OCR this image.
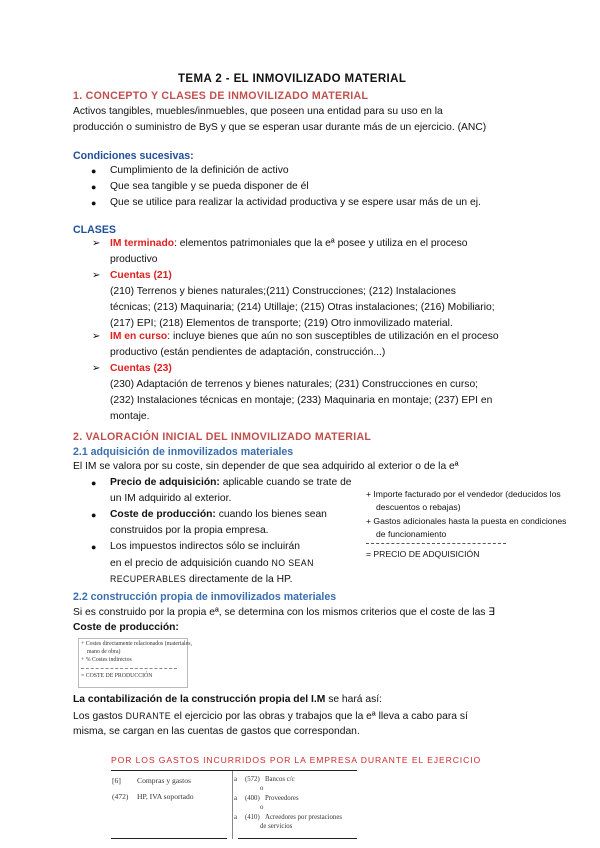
TEMA 2 - EL INMOVILIZADO MATERIAL
1. CONCEPTO Y CLASES DE INMOVILIZADO MATERIAL
Activos tangibles, muebles/inmuebles, que poseen una entidad para su uso en la
producción o suministro de ByS y que se esperan usar durante más de un ejercicio. (ANC)
Condiciones sucesivas:
● Cumplimiento de la definición de activo
● Que sea tangible y se pueda disponer de él
● Que se utilice para realizar la actividad productiva y se espere usar más de un ej.
CLASES
➢ IM terminado: elementos patrimoniales que la eª posee y utiliza en el proceso
productivo
➢ Cuentas (21)
(210) Terrenos y bienes naturales;(211) Construcciones; (212) Instalaciones
técnicas; (213) Maquinaria; (214) Utillaje; (215) Otras instalaciones; (216) Mobiliario;
(217) EPI; (218) Elementos de transporte; (219) Otro inmovilizado material.
➢ IM en curso: incluye bienes que aún no son susceptibles de utilización en el proceso
productivo (están pendientes de adaptación, construcción...)
➢ Cuentas (23)
(230) Adaptación de terrenos y bienes naturales; (231) Construcciones en curso;
(232) Instalaciones técnicas en montaje; (233) Maquinaria en montaje; (237) EPI en
montaje.
2. VALORACIÓN INICIAL DEL INMOVILIZADO MATERIAL
2.1 adquisición de inmovilizados materiales
El IM se valora por su coste, sin depender de que sea adquirido al exterior o de la eª
● Precio de adquisición: aplicable cuando se trate de
un IM adquirido al exterior.
● Coste de producción: cuando los bienes sean
construidos por la propia empresa.
● Los impuestos indirectos sólo se incluirán
en el precio de adquisición cuando NO SEAN
RECUPERABLES directamente de la HP.
+ Importe facturado por el vendedor (deducidos los
descuentos o rebajas)
+ Gastos adicionales hasta la puesta en condiciones
de funcionamiento
= PRECIO DE ADQUISICIÓN
2.2 construcción propia de inmovilizados materiales
Si es construido por la propia eª, se determina con los mismos criterios que el coste de las ∃
Coste de producción:
+ Costes directamente relacionados (materiales,
mano de obra)
+ % Costes indirectos
= COSTE DE PRODUCCIÓN
La contabilización de la construcción propia del I.M se hará así:
Los gastos DURANTE el ejercicio por las obras y trabajos que la eª lleva a cabo para sí
misma, se cargan en las cuentas de gastos que correspondan.
POR LOS GASTOS INCURRIDOS POR LA EMPRESA DURANTE EL EJERCICIO
[6] Compras y gastos
(472) HP, IVA soportado
a (572) Bancos c/c
o
a (400) Proveedores
o
a (410) Acreedores por prestaciones
de servicios
